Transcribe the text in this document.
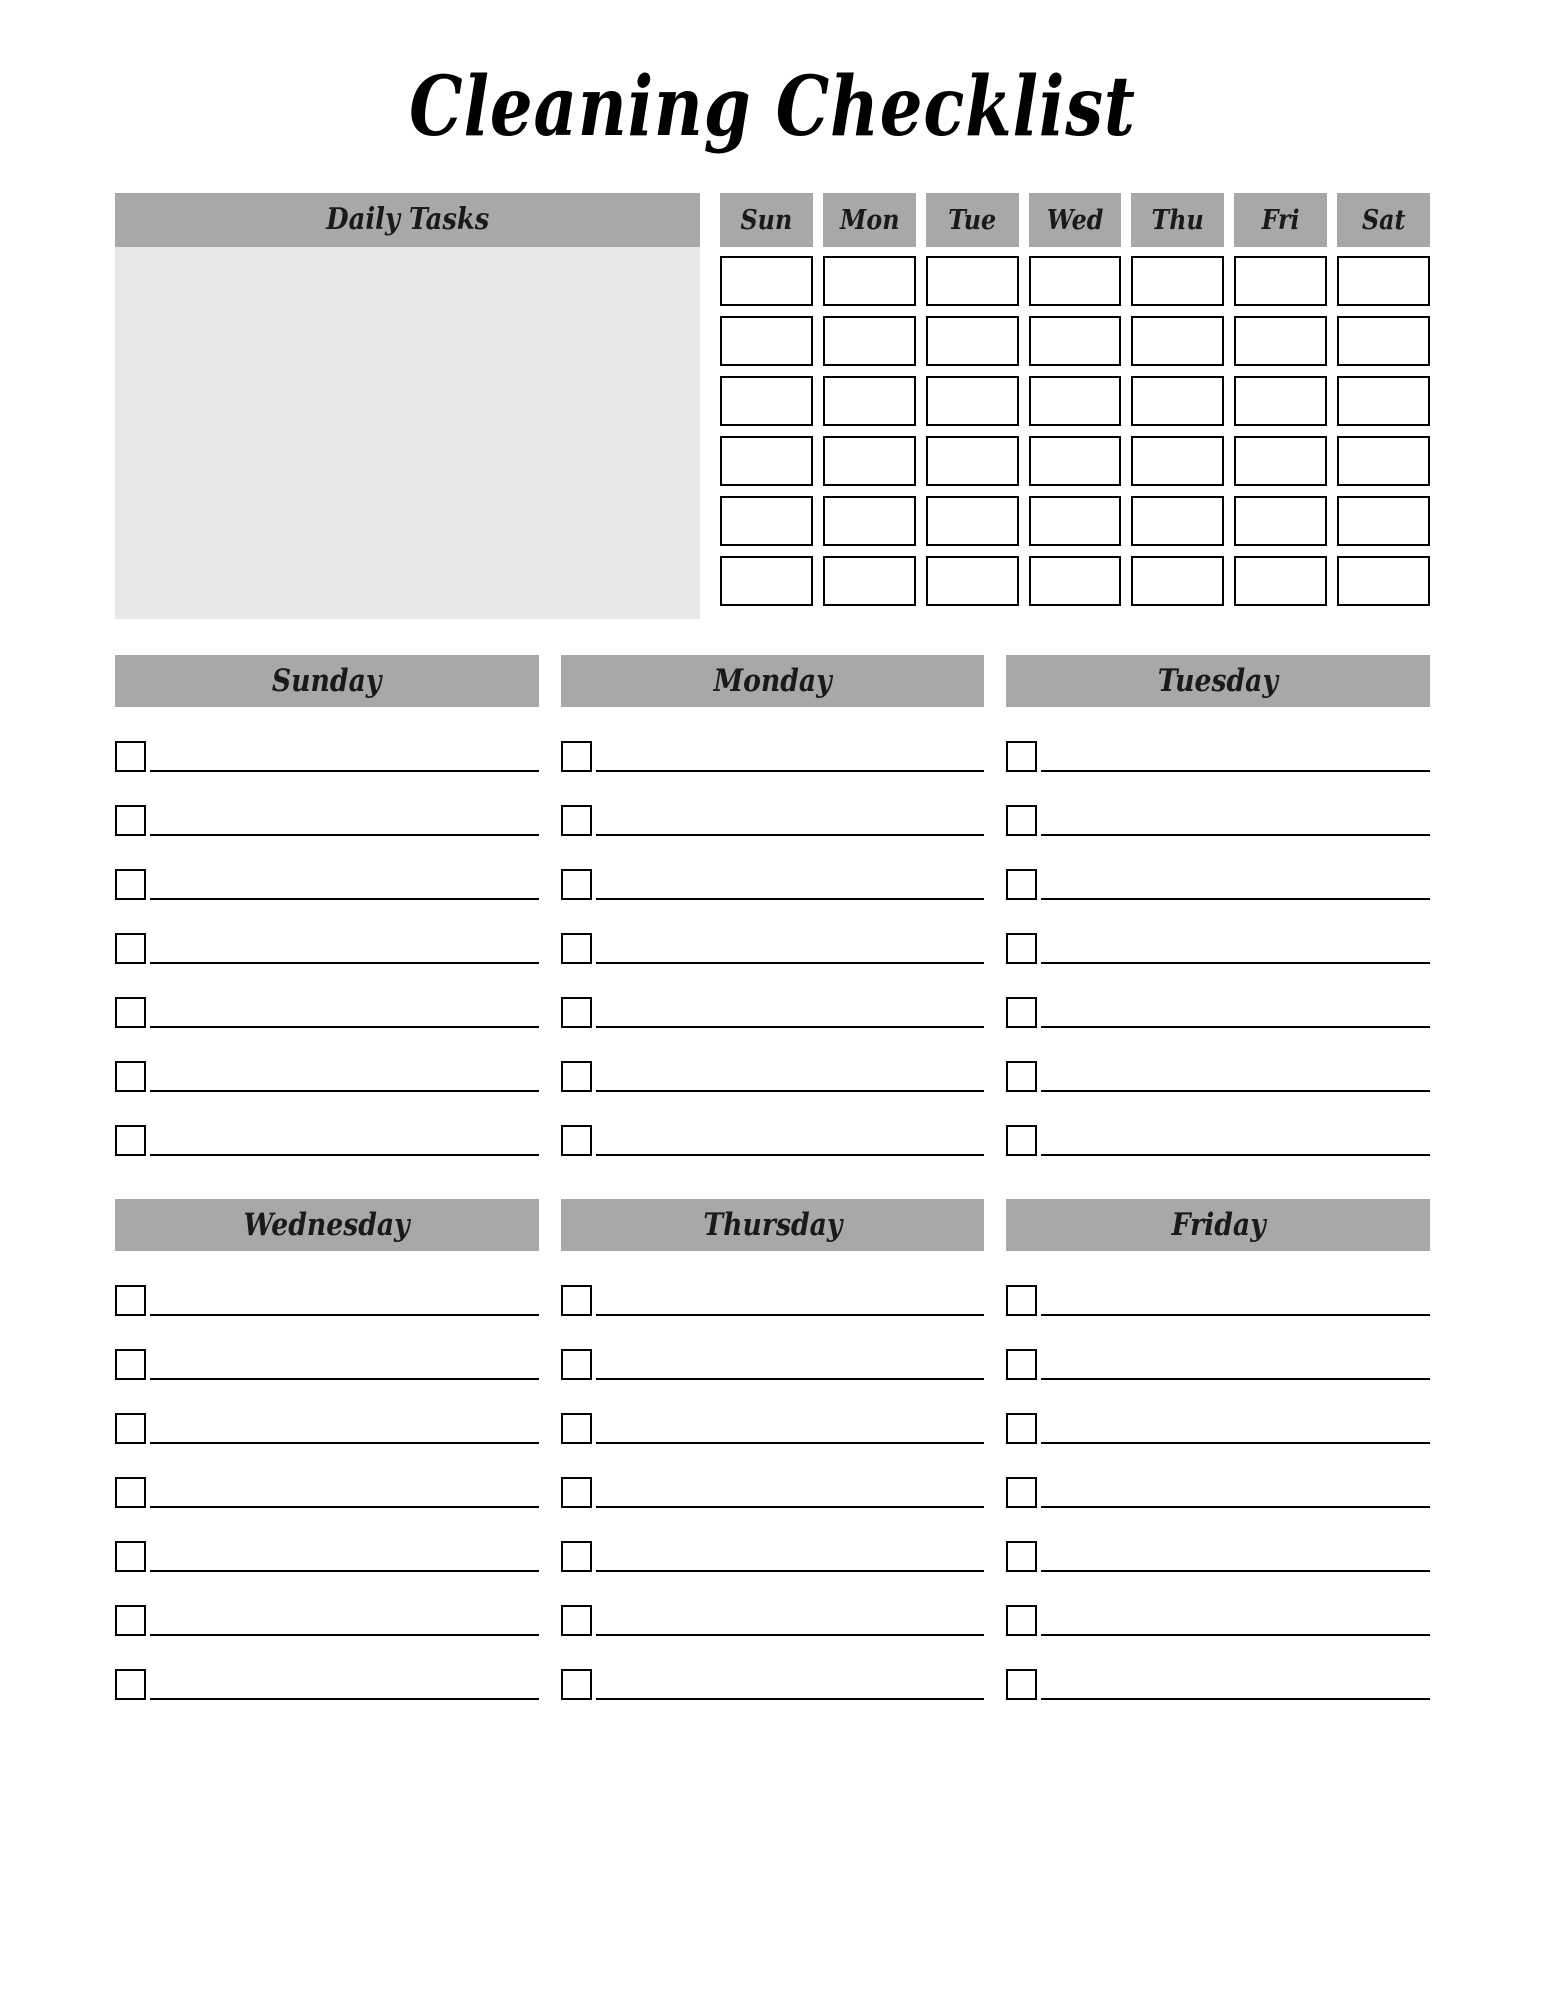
Cleaning Checklist
Daily Tasks	Sun Mon Tue Wed Thu Fri Sat
Sunday	Monday	Tuesday
Wednesday	Thursday	Friday
